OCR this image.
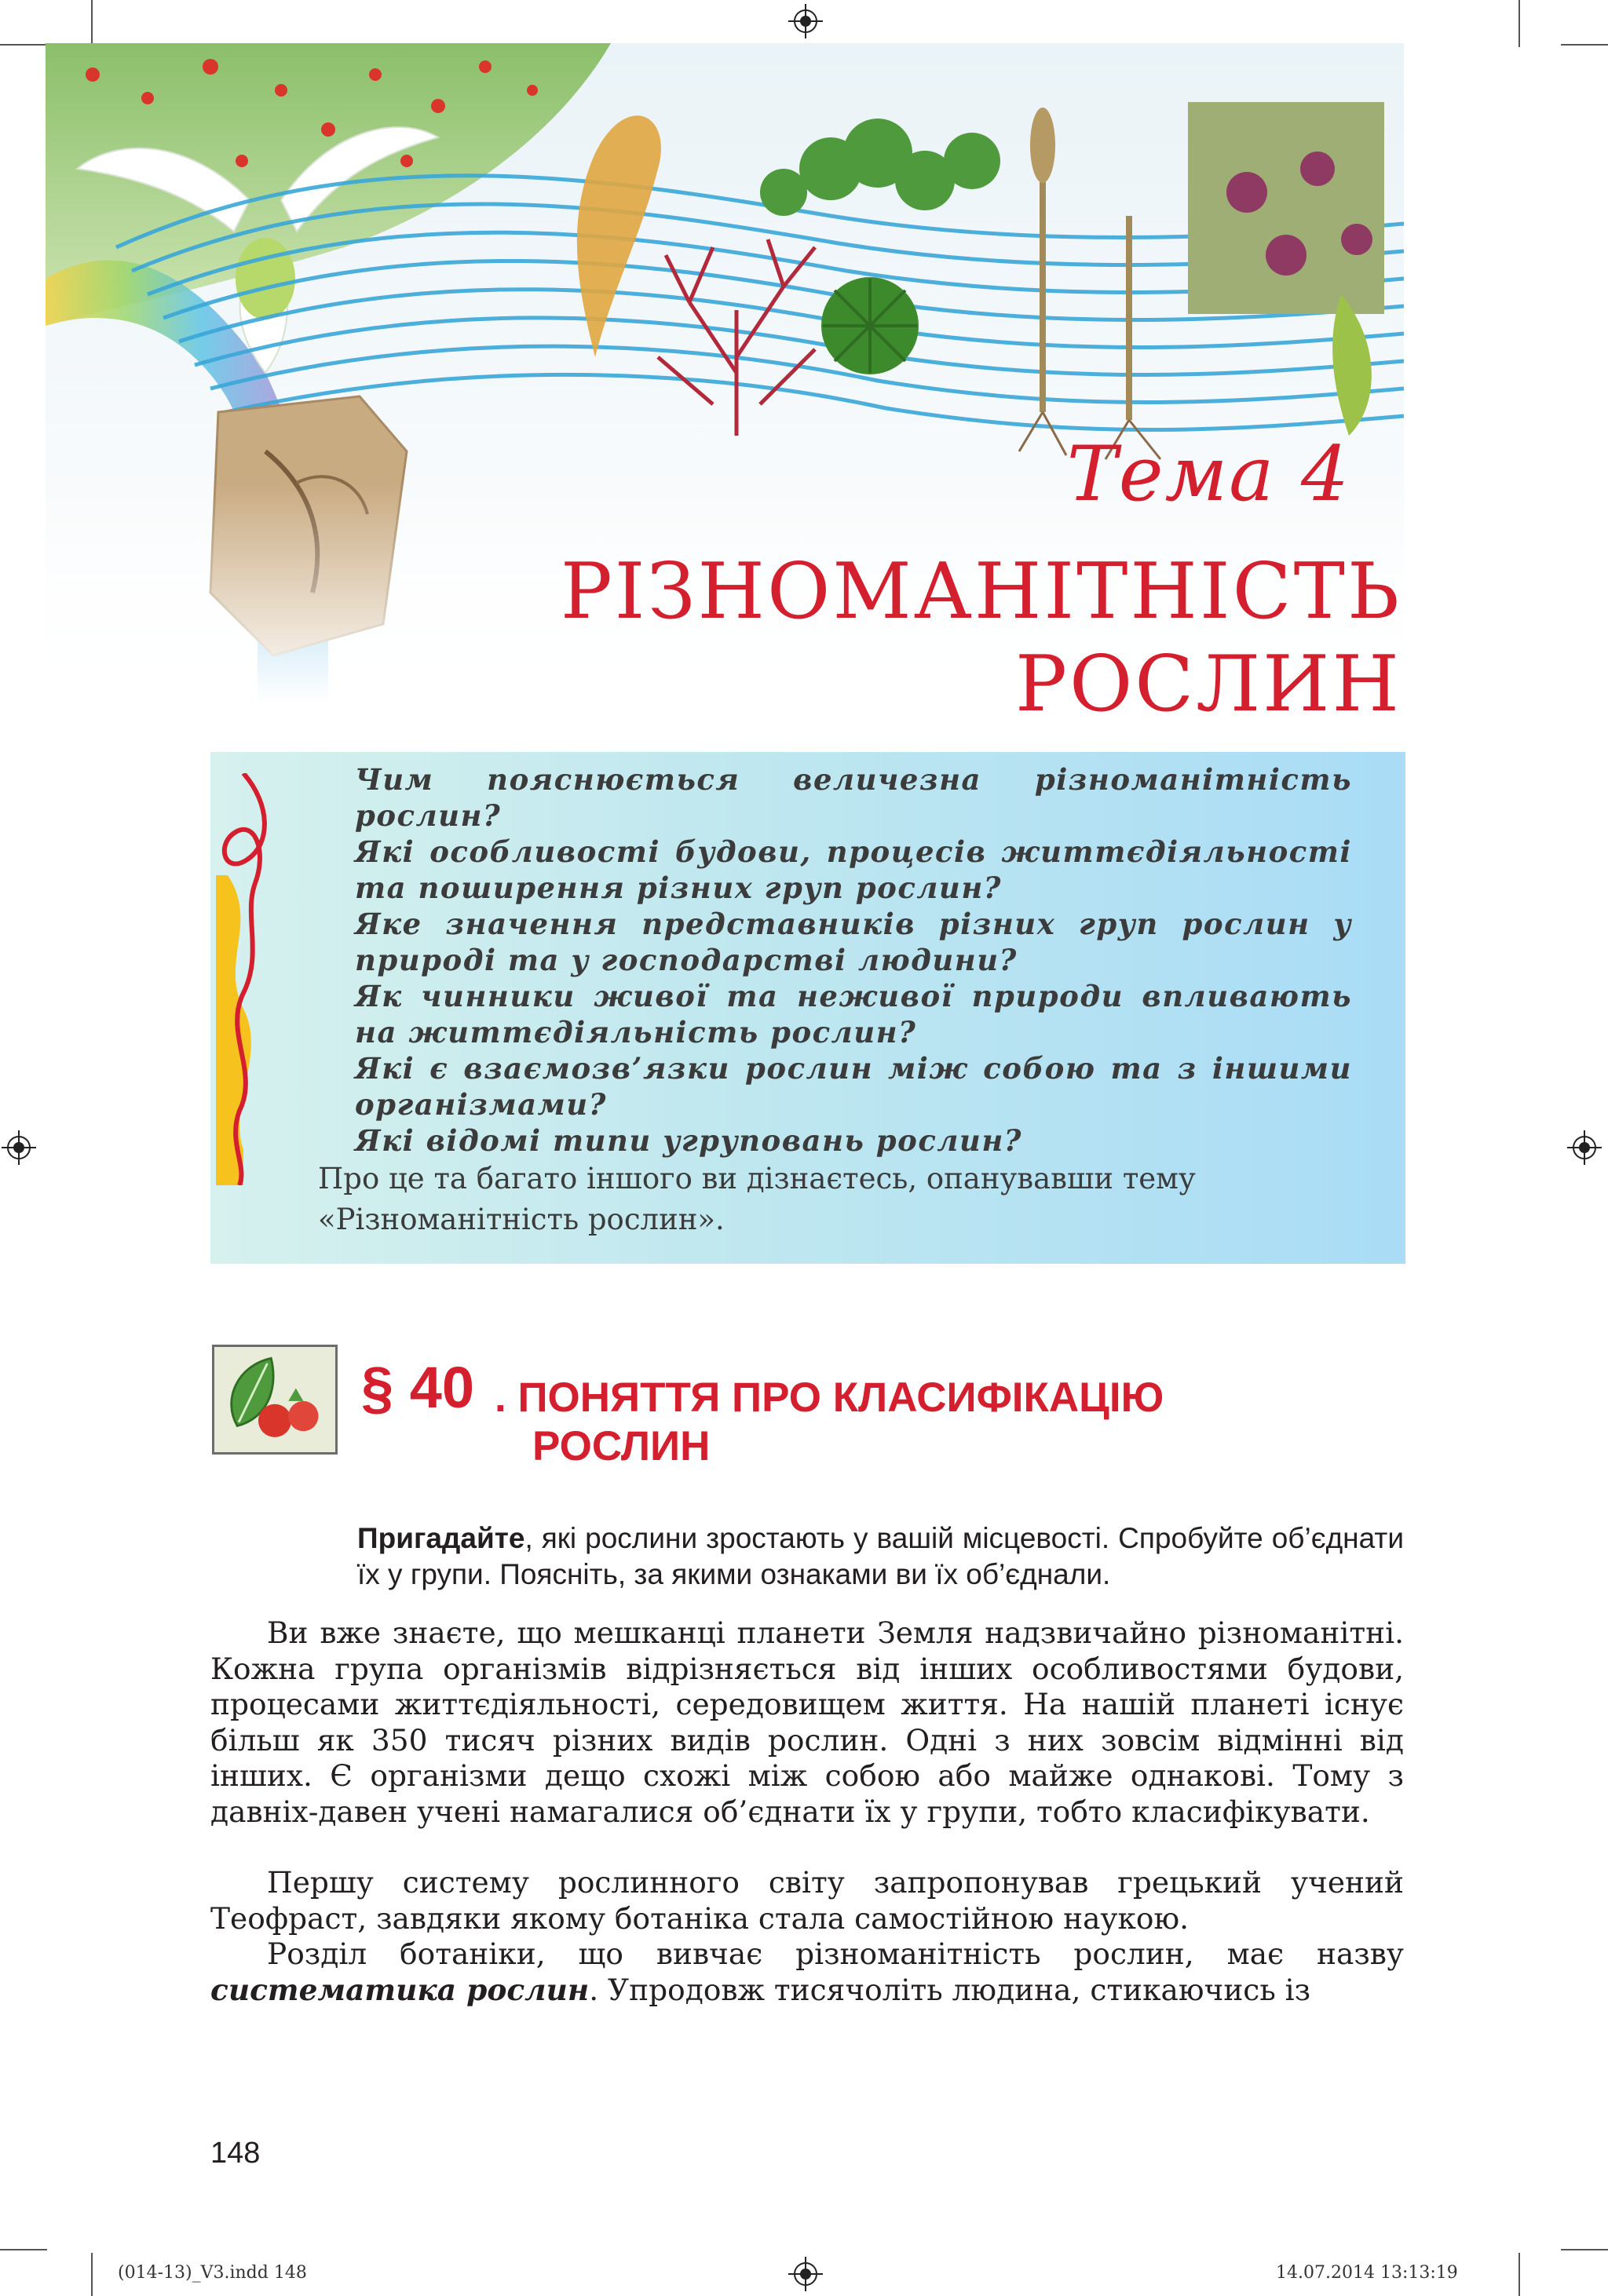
Тема 4
РІЗНОМАНІТНІСТЬ
РОСЛИН
Чим пояснюється величезна різноманітність рослин?
Які особливості будови, процесів життєдіяльності та поширення різних груп рослин?
Яке значення представників різних груп рослин у природі та у господарстві людини?
Як чинники живої та неживої природи впливають на життєдіяльність рослин?
Які є взаємозв’язки рослин між собою та з іншими організмами?
Які відомі типи угруповань рослин?
Про це та багато іншого ви дізнаєтесь, опанувавши тему «Різноманітність рослин».
§ 40 . ПОНЯТТЯ ПРО КЛАСИФІКАЦІЮ
РОСЛИН
Пригадайте, які рослини зростають у вашій місцевості. Спробуйте об’єднати їх у групи. Поясніть, за якими ознаками ви їх об’єднали.
Ви вже знаєте, що мешканці планети Земля надзвичайно різноманітні. Кожна група організмів відрізняється від інших особливостями будови, процесами життєдіяльності, середовищем життя. На нашій планеті існує більш як 350 тисяч різних видів рослин. Одні з них зовсім відмінні від інших. Є організми дещо схожі між собою або майже однакові. Тому з давніх-давен учені намагалися об’єднати їх у групи, тобто класифікувати.
Першу систему рослинного світу запропонував грецький учений Теофраст, завдяки якому ботаніка стала самостійною наукою.
Розділ ботаніки, що вивчає різноманітність рослин, має назву систематика рослин. Упродовж тисячоліть людина, стикаючись із
148
(014-13)_V3.indd 148	14.07.2014 13:13:19
